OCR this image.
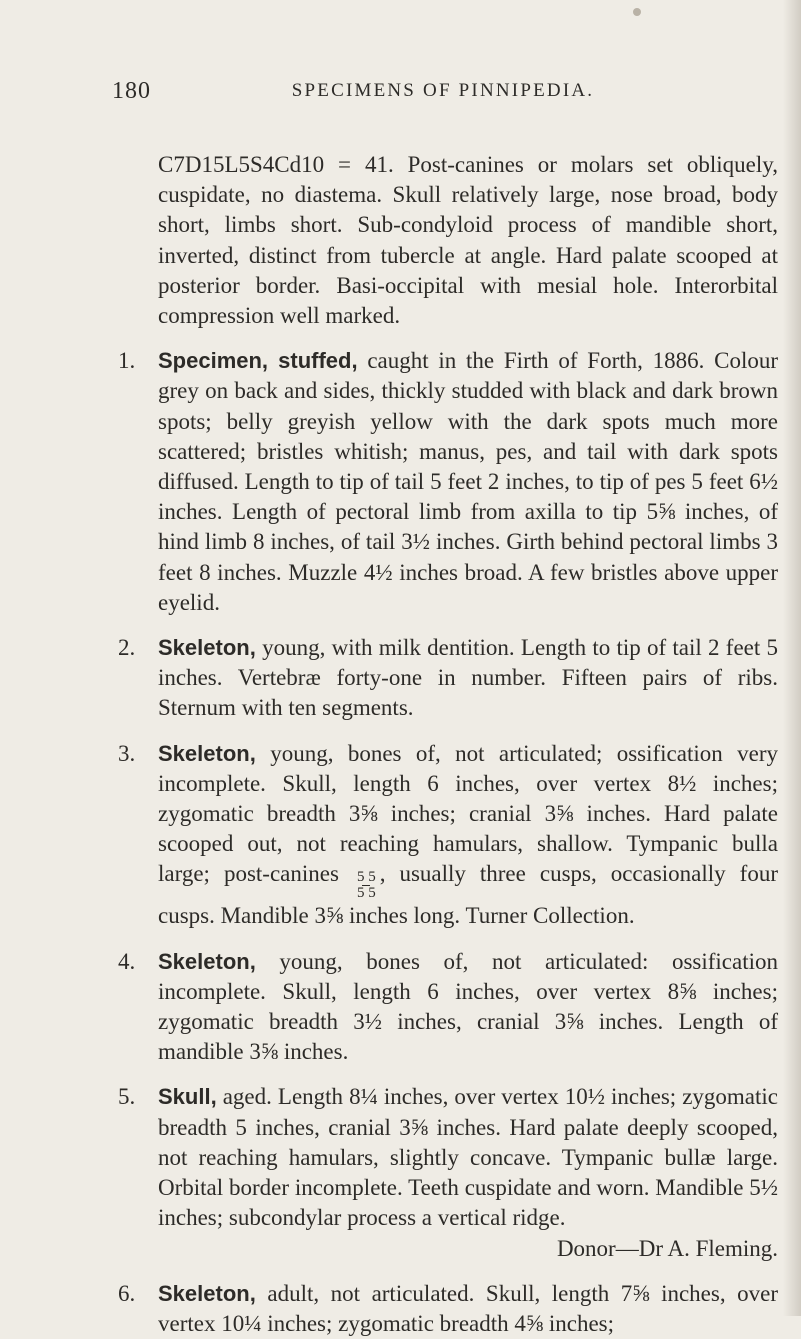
180	SPECIMENS OF PINNIPEDIA.
C7D15L5S4Cd10 = 41. Post-canines or molars set obliquely, cuspidate, no diastema. Skull relatively large, nose broad, body short, limbs short. Sub-condyloid process of mandible short, inverted, distinct from tubercle at angle. Hard palate scooped at posterior border. Basi-occipital with mesial hole. Interorbital compression well marked.
1. Specimen, stuffed, caught in the Firth of Forth, 1886. Colour grey on back and sides, thickly studded with black and dark brown spots; belly greyish yellow with the dark spots much more scattered; bristles whitish; manus, pes, and tail with dark spots diffused. Length to tip of tail 5 feet 2 inches, to tip of pes 5 feet 6½ inches. Length of pectoral limb from axilla to tip 5⅝ inches, of hind limb 8 inches, of tail 3½ inches. Girth behind pectoral limbs 3 feet 8 inches. Muzzle 4½ inches broad. A few bristles above upper eyelid.
2. Skeleton, young, with milk dentition. Length to tip of tail 2 feet 5 inches. Vertebræ forty-one in number. Fifteen pairs of ribs. Sternum with ten segments.
3. Skeleton, young, bones of, not articulated; ossification very incomplete. Skull, length 6 inches, over vertex 8½ inches; zygomatic breadth 3⅝ inches; cranial 3⅝ inches. Hard palate scooped out, not reaching hamulars, shallow. Tympanic bulla large; post-canines $\frac{5 5}{5 5}$ , usually three cusps, occasionally four cusps. Mandible 3⅝ inches long. Turner Collection.
4. Skeleton, young, bones of, not articulated: ossification incomplete. Skull, length 6 inches, over vertex 8⅝ inches; zygomatic breadth 3½ inches, cranial 3⅝ inches. Length of mandible 3⅝ inches.
5. Skull, aged. Length 8¼ inches, over vertex 10½ inches; zygomatic breadth 5 inches, cranial 3⅝ inches. Hard palate deeply scooped, not reaching hamulars, slightly concave. Tympanic bullæ large. Orbital border incomplete. Teeth cuspidate and worn. Mandible 5½ inches; subcondylar process a vertical ridge.
Donor—Dr A. Fleming.
6. Skeleton, adult, not articulated. Skull, length 7⅝ inches, over vertex 10¼ inches; zygomatic breadth 4⅝ inches;
